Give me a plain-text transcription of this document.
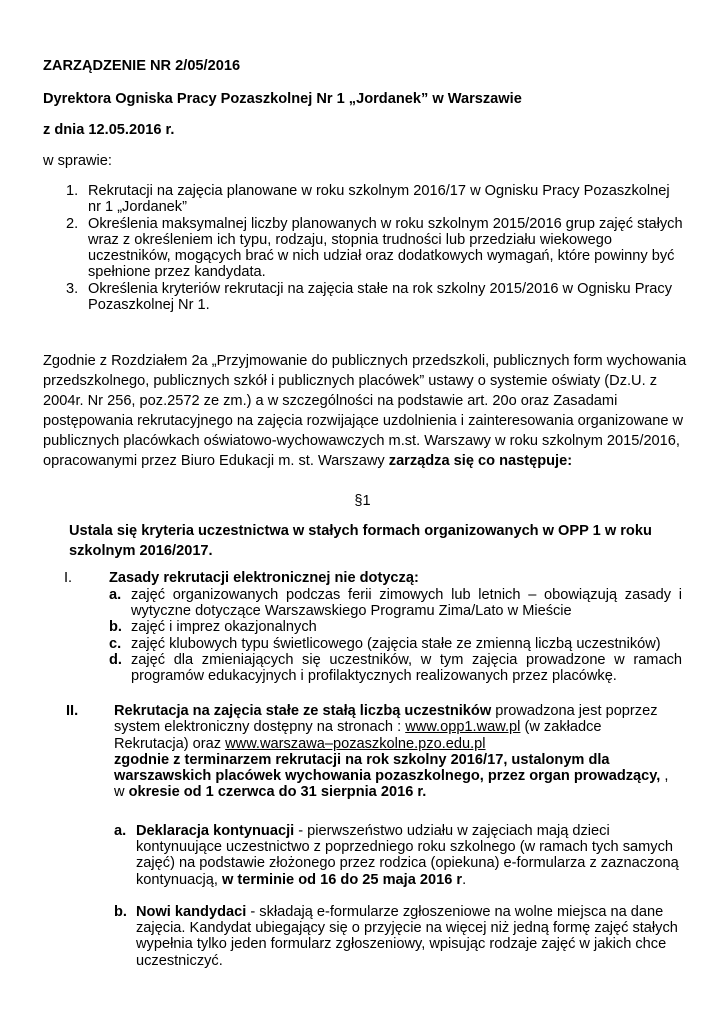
ZARZĄDZENIE NR 2/05/2016
Dyrektora Ogniska Pracy Pozaszkolnej Nr 1 „Jordanek” w Warszawie
z dnia 12.05.2016 r.
w sprawie:
1. Rekrutacji na zajęcia planowane w roku szkolnym 2016/17 w Ognisku Pracy Pozaszkolnej nr 1 „Jordanek”
2. Określenia maksymalnej liczby planowanych w roku szkolnym 2015/2016 grup zajęć stałych wraz z określeniem ich typu, rodzaju, stopnia trudności lub przedziału wiekowego uczestników, mogących brać w nich udział oraz dodatkowych wymagań, które powinny być spełnione przez kandydata.
3. Określenia kryteriów rekrutacji na zajęcia stałe na rok szkolny 2015/2016 w Ognisku Pracy Pozaszkolnej Nr 1.
Zgodnie z Rozdziałem 2a „Przyjmowanie do publicznych przedszkoli, publicznych form wychowania przedszkolnego, publicznych szkół i publicznych placówek” ustawy o systemie oświaty (Dz.U. z 2004r. Nr 256, poz.2572 ze zm.) a w szczególności na podstawie art. 20o oraz Zasadami postępowania rekrutacyjnego na zajęcia rozwijające uzdolnienia i zainteresowania organizowane w publicznych placówkach oświatowo-wychowawczych m.st. Warszawy w roku szkolnym 2015/2016, opracowanymi przez Biuro Edukacji m. st. Warszawy zarządza się co następuje:
§1
Ustala się kryteria uczestnictwa w stałych formach organizowanych w OPP 1 w roku szkolnym 2016/2017.
I.	Zasady rekrutacji elektronicznej nie dotyczą:
a. zajęć organizowanych podczas ferii zimowych lub letnich – obowiązują zasady i wytyczne dotyczące Warszawskiego Programu Zima/Lato w Mieście
b. zajęć i imprez okazjonalnych
c. zajęć klubowych typu świetlicowego (zajęcia stałe ze zmienną liczbą uczestników)
d. zajęć dla zmieniających się uczestników, w tym zajęcia prowadzone w ramach programów edukacyjnych i profilaktycznych realizowanych przez placówkę.
II. Rekrutacja na zajęcia stałe ze stałą liczbą uczestników prowadzona jest poprzez system elektroniczny dostępny na stronach : www.opp1.waw.pl (w zakładce Rekrutacja) oraz www.warszawa–pozaszkolne.pzo.edu.pl
zgodnie z terminarzem rekrutacji na rok szkolny 2016/17, ustalonym dla warszawskich placówek wychowania pozaszkolnego, przez organ prowadzący, ,
w okresie od 1 czerwca do 31 sierpnia 2016 r.
a. Deklaracja kontynuacji - pierwszeństwo udziału w zajęciach mają dzieci kontynuujące uczestnictwo z poprzedniego roku szkolnego (w ramach tych samych zajęć) na podstawie złożonego przez rodzica (opiekuna) e-formularza z zaznaczoną kontynuacją, w terminie od 16 do 25 maja 2016 r.
b. Nowi kandydaci - składają e-formularze zgłoszeniowe na wolne miejsca na dane zajęcia. Kandydat ubiegający się o przyjęcie na więcej niż jedną formę zajęć stałych wypełnia tylko jeden formularz zgłoszeniowy, wpisując rodzaje zajęć w jakich chce uczestniczyć.
